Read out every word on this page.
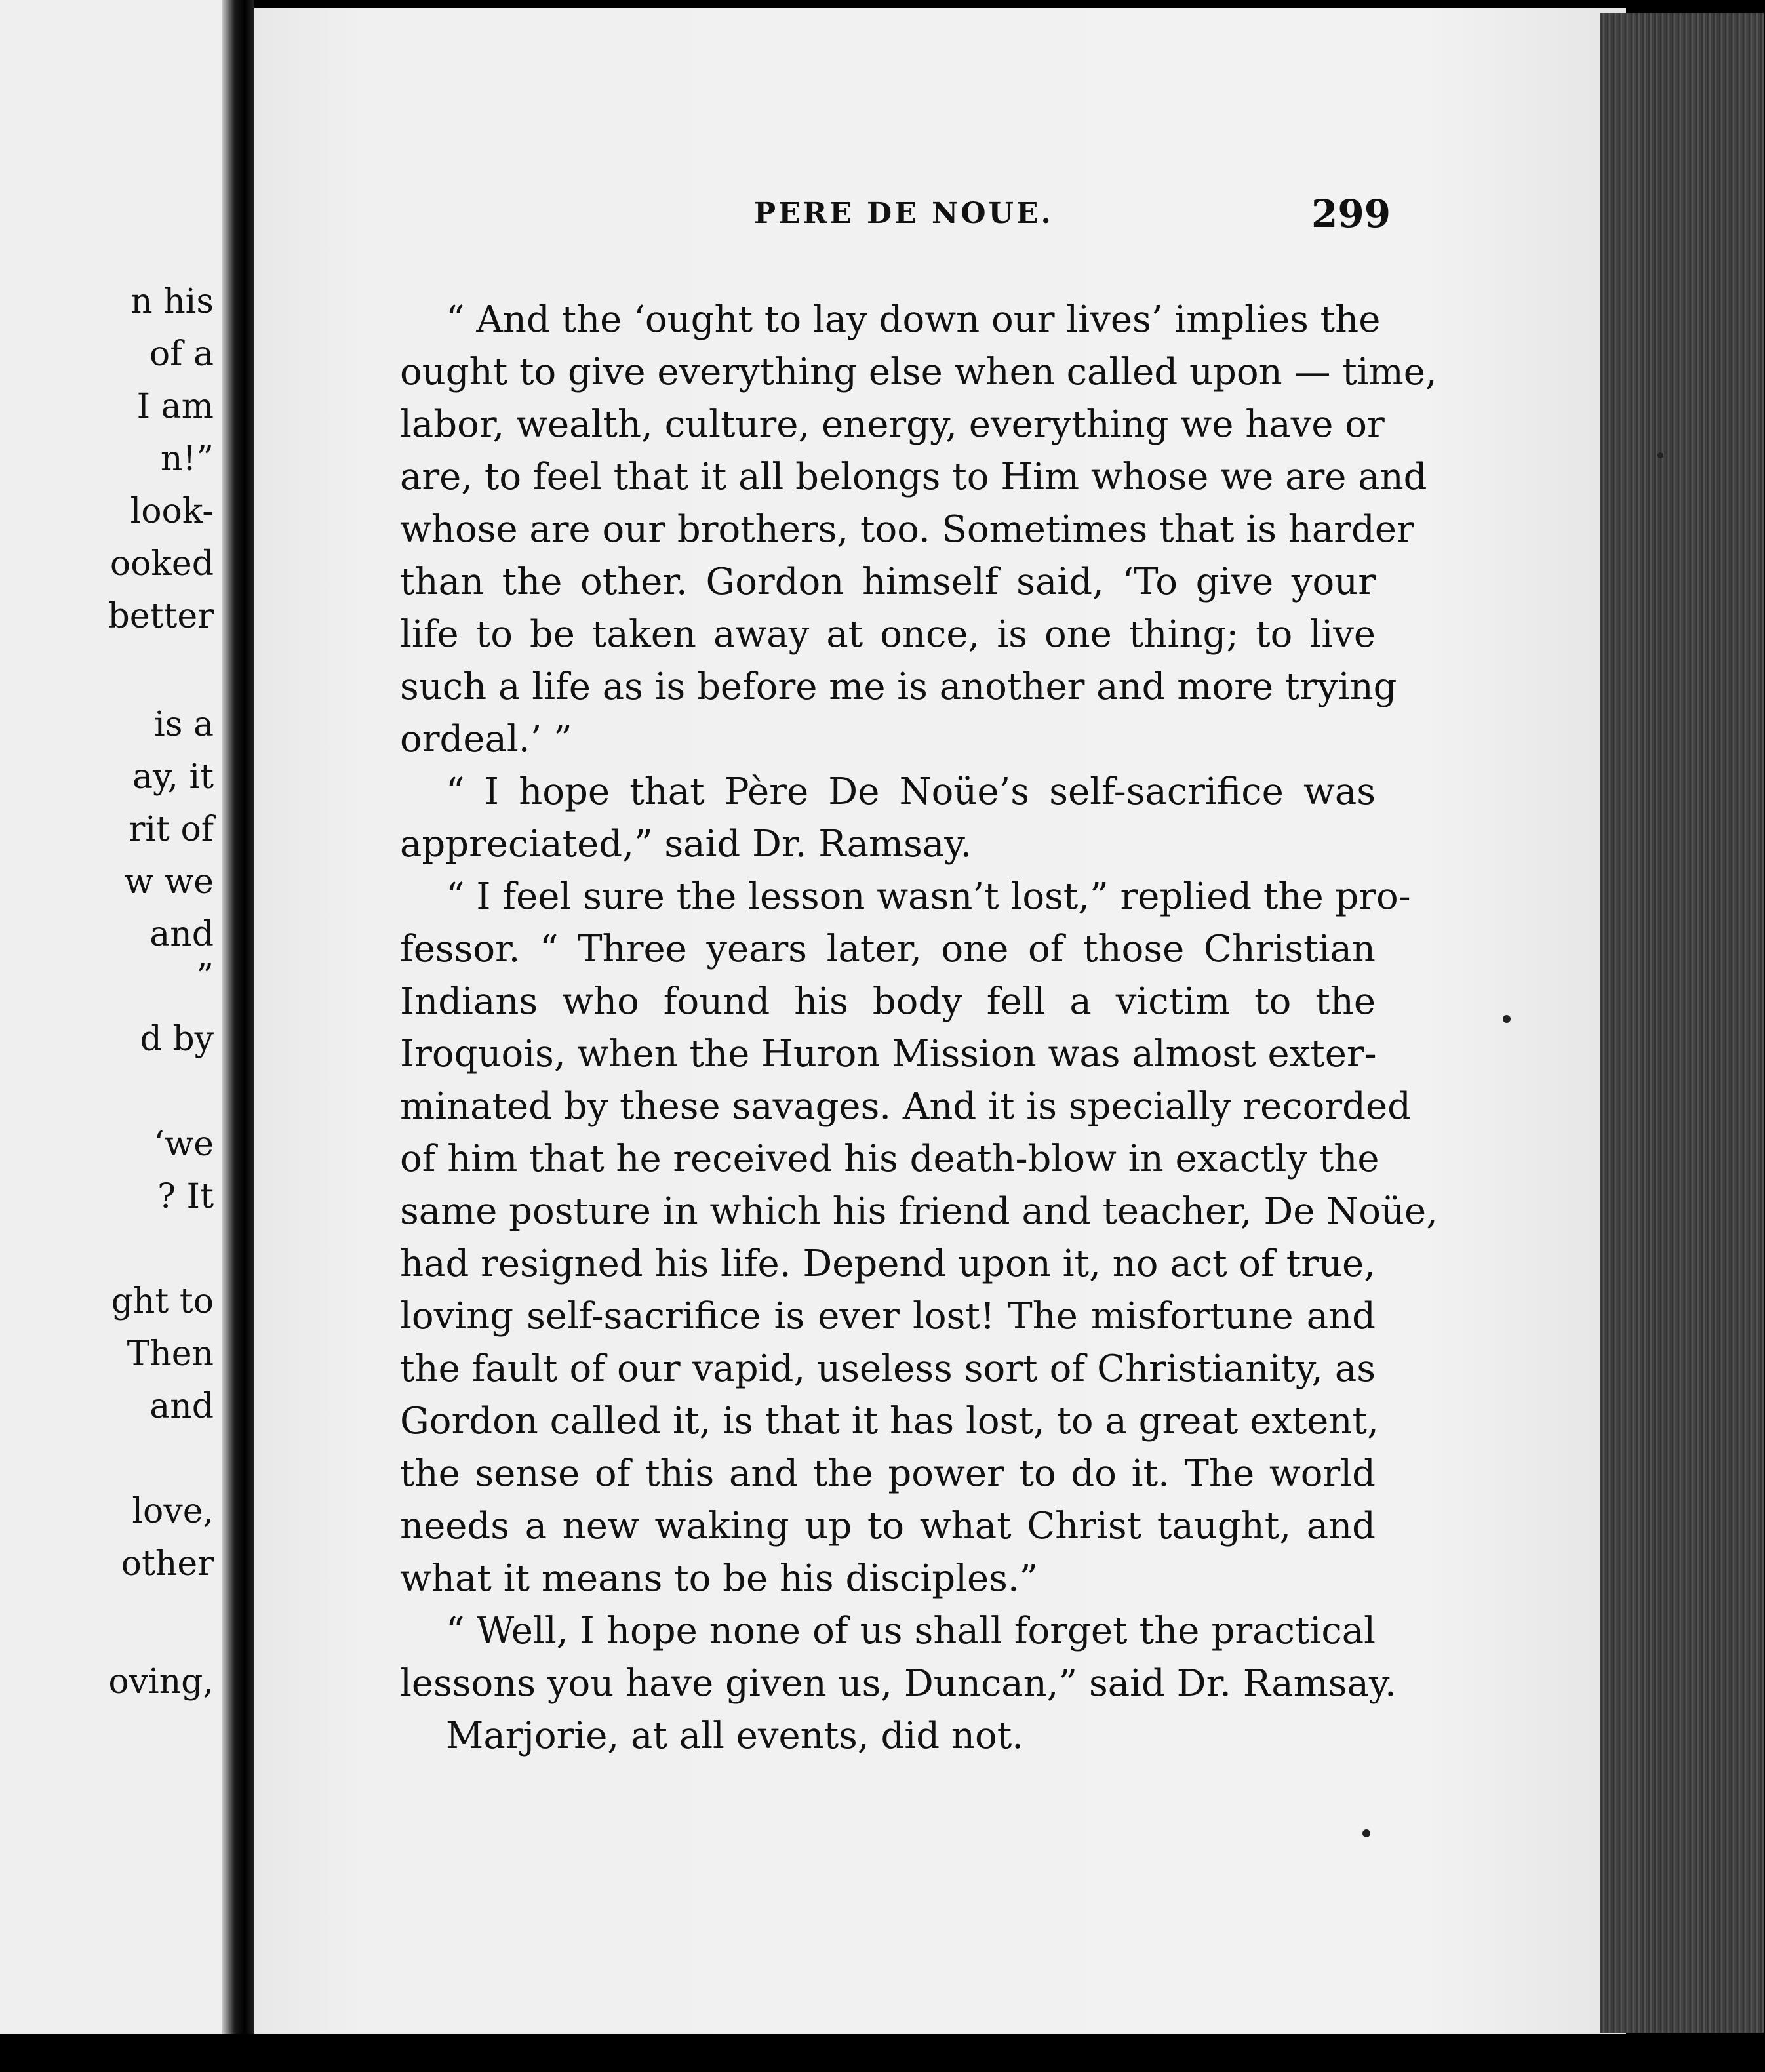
n his
of a
I am
n!”
look-
ooked
better
is a
ay, it
rit of
w we
and
”
d by
‘we
? It
ght to
Then
and
love,
other
oving,
PERE DE NOUE.	299
“ And the ‘ought to lay down our lives’ implies the
ought to give everything else when called upon — time,
labor, wealth, culture, energy, everything we have or
are, to feel that it all belongs to Him whose we are and
whose are our brothers, too. Sometimes that is harder
than the other. Gordon himself said, ‘To give your
life to be taken away at once, is one thing; to live
such a life as is before me is another and more trying
ordeal.’ ”
“ I hope that Père De Noüe’s self-sacrifice was
appreciated,” said Dr. Ramsay.
“ I feel sure the lesson wasn’t lost,” replied the pro-
fessor. “ Three years later, one of those Christian
Indians who found his body fell a victim to the
Iroquois, when the Huron Mission was almost exter-
minated by these savages. And it is specially recorded
of him that he received his death-blow in exactly the
same posture in which his friend and teacher, De Noüe,
had resigned his life. Depend upon it, no act of true,
loving self-sacrifice is ever lost! The misfortune and
the fault of our vapid, useless sort of Christianity, as
Gordon called it, is that it has lost, to a great extent,
the sense of this and the power to do it. The world
needs a new waking up to what Christ taught, and
what it means to be his disciples.”
“ Well, I hope none of us shall forget the practical
lessons you have given us, Duncan,” said Dr. Ramsay.
Marjorie, at all events, did not.
